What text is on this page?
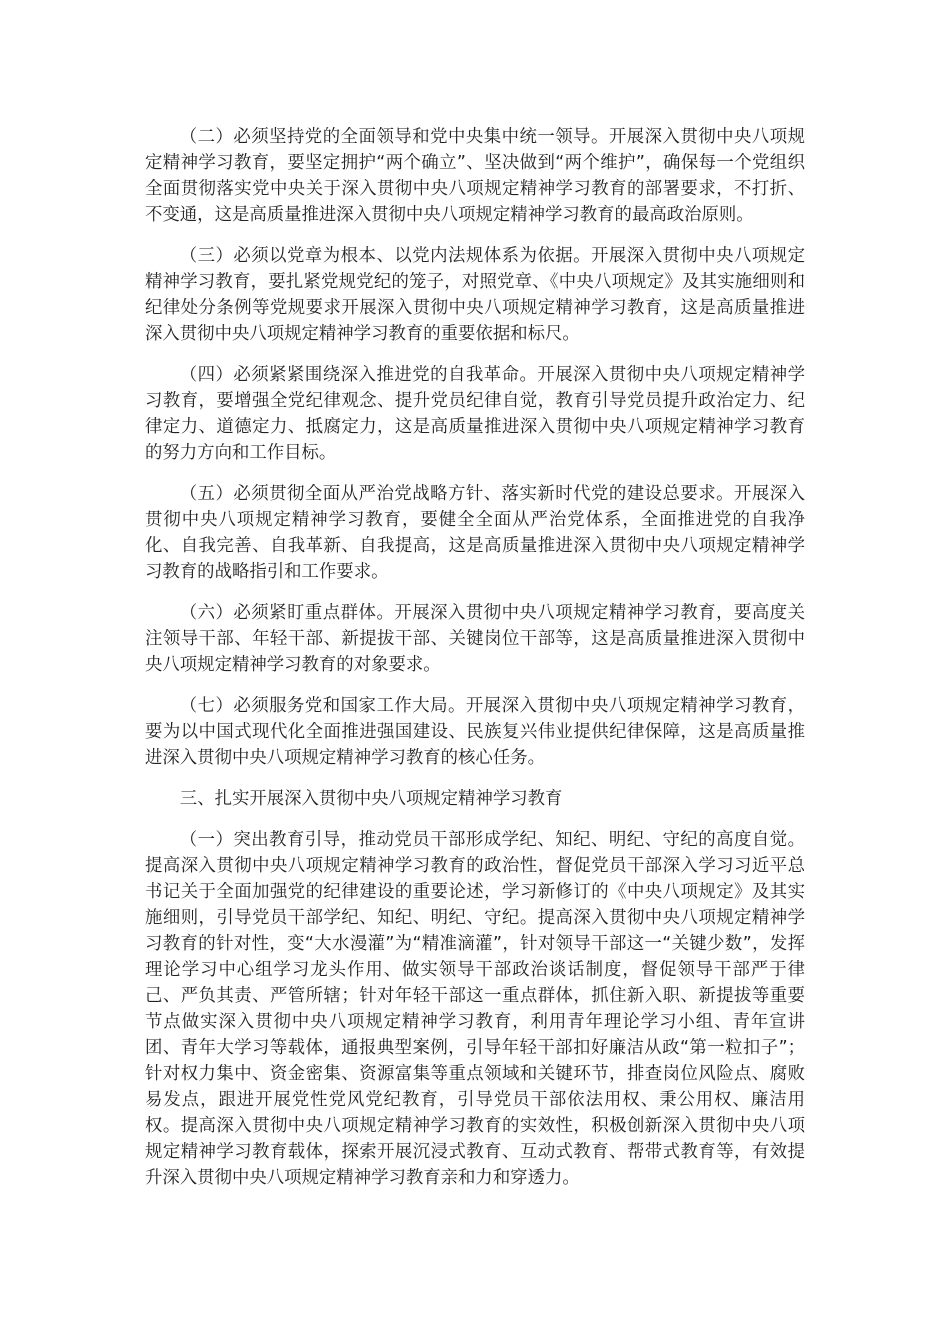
（二）必须坚持党的全面领导和党中央集中统一领导。开展深入贯彻中央八项规定精神学习教育，要坚定拥护“两个确立”、坚决做到“两个维护”，确保每一个党组织全面贯彻落实党中央关于深入贯彻中央八项规定精神学习教育的部署要求，不打折、不变通，这是高质量推进深入贯彻中央八项规定精神学习教育的最高政治原则。

（三）必须以党章为根本、以党内法规体系为依据。开展深入贯彻中央八项规定精神学习教育，要扎紧党规党纪的笼子，对照党章、《中央八项规定》及其实施细则和纪律处分条例等党规要求开展深入贯彻中央八项规定精神学习教育，这是高质量推进深入贯彻中央八项规定精神学习教育的重要依据和标尺。

（四）必须紧紧围绕深入推进党的自我革命。开展深入贯彻中央八项规定精神学习教育，要增强全党纪律观念、提升党员纪律自觉，教育引导党员提升政治定力、纪律定力、道德定力、抵腐定力，这是高质量推进深入贯彻中央八项规定精神学习教育的努力方向和工作目标。

（五）必须贯彻全面从严治党战略方针、落实新时代党的建设总要求。开展深入贯彻中央八项规定精神学习教育，要健全全面从严治党体系，全面推进党的自我净化、自我完善、自我革新、自我提高，这是高质量推进深入贯彻中央八项规定精神学习教育的战略指引和工作要求。

（六）必须紧盯重点群体。开展深入贯彻中央八项规定精神学习教育，要高度关注领导干部、年轻干部、新提拔干部、关键岗位干部等，这是高质量推进深入贯彻中央八项规定精神学习教育的对象要求。

（七）必须服务党和国家工作大局。开展深入贯彻中央八项规定精神学习教育，要为以中国式现代化全面推进强国建设、民族复兴伟业提供纪律保障，这是高质量推进深入贯彻中央八项规定精神学习教育的核心任务。

三、扎实开展深入贯彻中央八项规定精神学习教育

（一）突出教育引导，推动党员干部形成学纪、知纪、明纪、守纪的高度自觉。提高深入贯彻中央八项规定精神学习教育的政治性，督促党员干部深入学习习近平总书记关于全面加强党的纪律建设的重要论述，学习新修订的《中央八项规定》及其实施细则，引导党员干部学纪、知纪、明纪、守纪。提高深入贯彻中央八项规定精神学习教育的针对性，变“大水漫灌”为“精准滴灌”，针对领导干部这一“关键少数”，发挥理论学习中心组学习龙头作用、做实领导干部政治谈话制度，督促领导干部严于律己、严负其责、严管所辖；针对年轻干部这一重点群体，抓住新入职、新提拔等重要节点做实深入贯彻中央八项规定精神学习教育，利用青年理论学习小组、青年宣讲团、青年大学习等载体，通报典型案例，引导年轻干部扣好廉洁从政“第一粒扣子”；针对权力集中、资金密集、资源富集等重点领域和关键环节，排查岗位风险点、腐败易发点，跟进开展党性党风党纪教育，引导党员干部依法用权、秉公用权、廉洁用权。提高深入贯彻中央八项规定精神学习教育的实效性，积极创新深入贯彻中央八项规定精神学习教育载体，探索开展沉浸式教育、互动式教育、帮带式教育等，有效提升深入贯彻中央八项规定精神学习教育亲和力和穿透力。
